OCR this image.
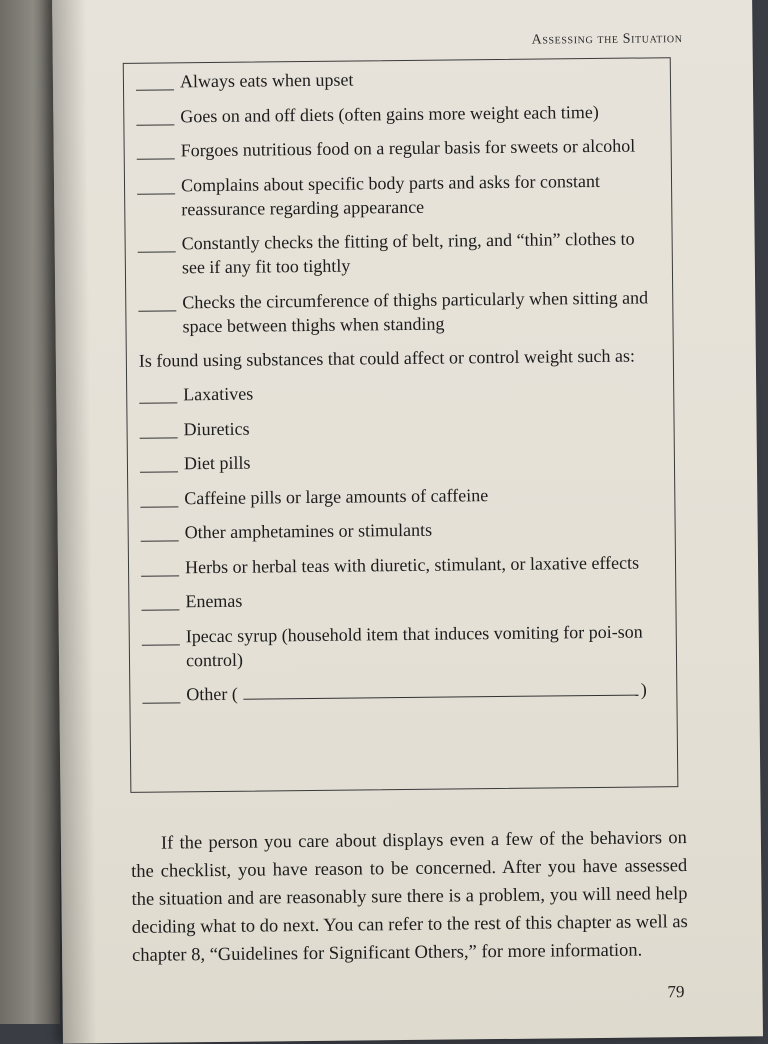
Assessing the Situation
Always eats when upset
Goes on and off diets (often gains more weight each time)
Forgoes nutritious food on a regular basis for sweets or alcohol
Complains about specific body parts and asks for constant reassurance regarding appearance
Constantly checks the fitting of belt, ring, and “thin” clothes to see if any fit too tightly
Checks the circumference of thighs particularly when sitting and space between thighs when standing
Is found using substances that could affect or control weight such as:
Laxatives
Diuretics
Diet pills
Caffeine pills or large amounts of caffeine
Other amphetamines or stimulants
Herbs or herbal teas with diuretic, stimulant, or laxative effects
Enemas
Ipecac syrup (household item that induces vomiting for poi-son control)
Other (	)

If the person you care about displays even a few of the behaviors on the checklist, you have reason to be concerned. After you have assessed the situation and are reasonably sure there is a problem, you will need help deciding what to do next. You can refer to the rest of this chapter as well as chapter 8, “Guidelines for Significant Others,” for more information.

79
